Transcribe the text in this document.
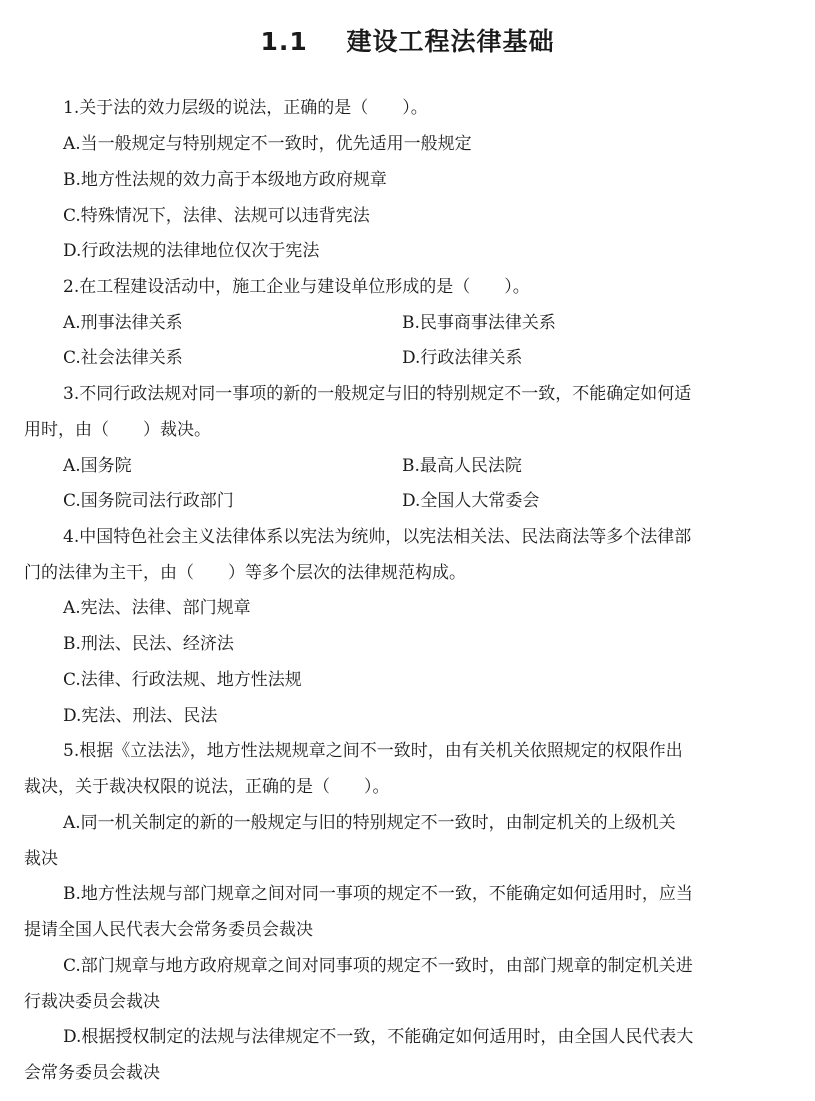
1.1    建设工程法律基础
1.关于法的效力层级的说法，正确的是（　　）。
A.当一般规定与特别规定不一致时，优先适用一般规定
B.地方性法规的效力高于本级地方政府规章
C.特殊情况下，法律、法规可以违背宪法
D.行政法规的法律地位仅次于宪法
2.在工程建设活动中，施工企业与建设单位形成的是（　　）。
A.刑事法律关系	B.民事商事法律关系
C.社会法律关系	D.行政法律关系
3.不同行政法规对同一事项的新的一般规定与旧的特别规定不一致，不能确定如何适
用时，由（　　）裁决。
A.国务院	B.最高人民法院
C.国务院司法行政部门	D.全国人大常委会
4.中国特色社会主义法律体系以宪法为统帅，以宪法相关法、民法商法等多个法律部
门的法律为主干，由（　　）等多个层次的法律规范构成。
A.宪法、法律、部门规章
B.刑法、民法、经济法
C.法律、行政法规、地方性法规
D.宪法、刑法、民法
5.根据《立法法》，地方性法规规章之间不一致时，由有关机关依照规定的权限作出
裁决，关于裁决权限的说法，正确的是（　　）。
A.同一机关制定的新的一般规定与旧的特别规定不一致时，由制定机关的上级机关
裁决
B.地方性法规与部门规章之间对同一事项的规定不一致，不能确定如何适用时，应当
提请全国人民代表大会常务委员会裁决
C.部门规章与地方政府规章之间对同事项的规定不一致时，由部门规章的制定机关进
行裁决委员会裁决
D.根据授权制定的法规与法律规定不一致，不能确定如何适用时，由全国人民代表大
会常务委员会裁决
